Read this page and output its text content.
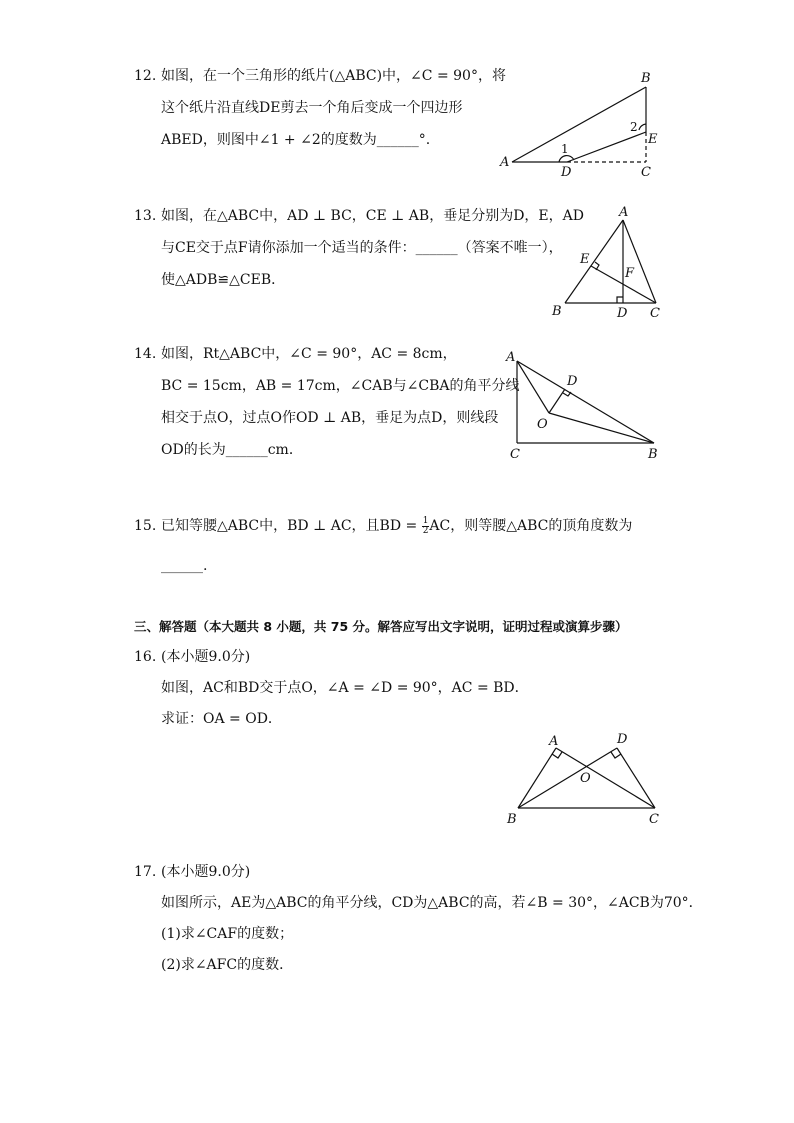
12. 如图，在一个三角形的纸片(△ABC)中，∠C = 90°，将
这个纸片沿直线DE剪去一个角后变成一个四边形
ABED，则图中∠1 + ∠2的度数为______°.
A
B
C
D
E
1
2
13. 如图，在△ABC中，AD ⊥ BC，CE ⊥ AB，垂足分别为D，E，AD
与CE交于点F请你添加一个适当的条件：______（答案不唯一），
使△ADB≌△CEB．
A
B	C
D
E
F
14. 如图，Rt△ABC中，∠C = 90°，AC = 8cm，
BC = 15cm，AB = 17cm，∠CAB与∠CBA的角平分线
相交于点O，过点O作OD ⊥ AB，垂足为点D，则线段
OD的长为______cm．
A
B
C
D
O
15. 已知等腰△ABC中，BD ⊥ AC，且BD = $\frac{1}{2}$ AC，则等腰△ABC的顶角度数为
______.
三、解答题（本大题共 8 小题，共 75 分。解答应写出文字说明，证明过程或演算步骤）
16. (本小题9.0分)
如图，AC和BD交于点O，∠A = ∠D = 90°，AC = BD．
求证：OA = OD．
A
B	C
D
O
17. (本小题9.0分)
如图所示，AE为△ABC的角平分线，CD为△ABC的高，若∠B = 30°，∠ACB为70°．
(1)求∠CAF的度数；
(2)求∠AFC的度数．
